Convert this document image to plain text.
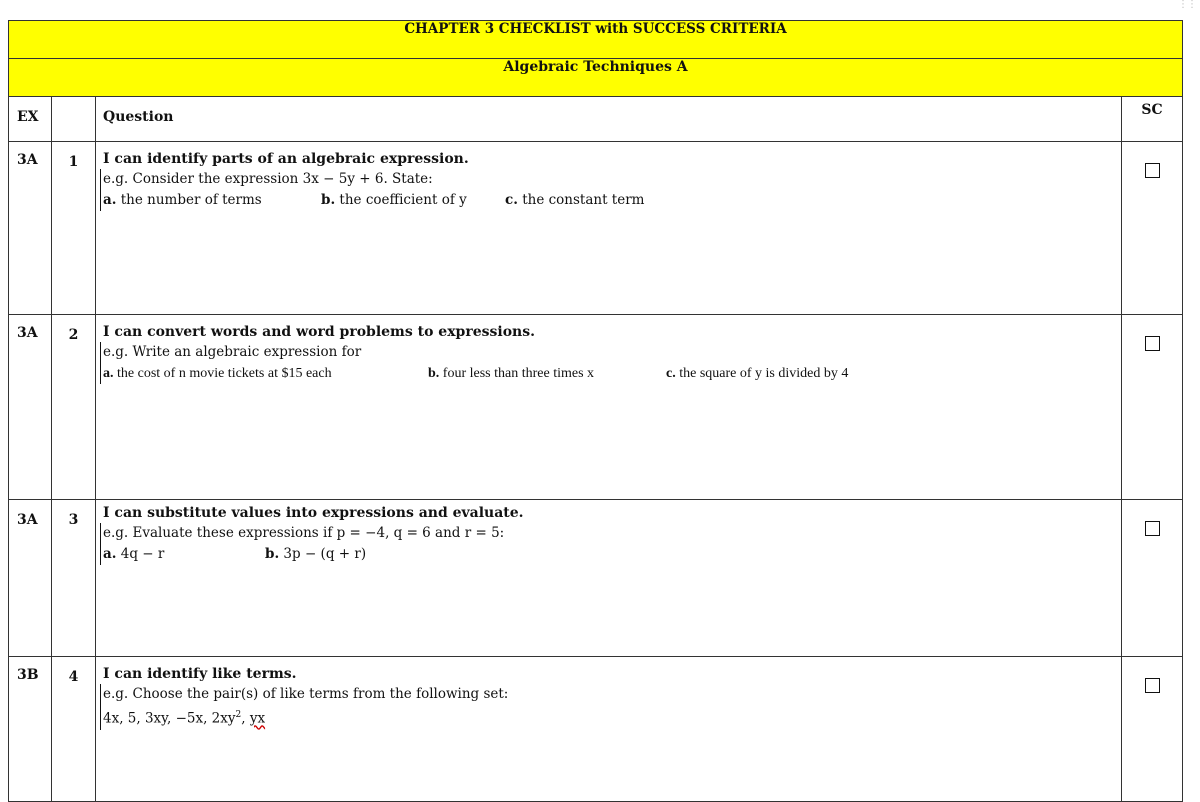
⋮⋮
CHAPTER 3 CHECKLIST with SUCCESS CRITERIA			
Algebraic Techniques A			
EX		Question	SC
3A	1	I can identify parts of an algebraic expression.
e.g. Consider the expression 3x − 5y + 6. State:
a. the number of terms b. the coefficient of y c. the constant term	

3A	2	I can convert words and word problems to expressions.
e.g. Write an algebraic expression for
a. the cost of n movie tickets at $15 each b. four less than three times x c. the square of y is divided by 4	

3A	3	I can substitute values into expressions and evaluate.
e.g. Evaluate these expressions if p = −4, q = 6 and r = 5:
a. 4q − r b. 3p − (q + r)	

3B	4	I can identify like terms.
e.g. Choose the pair(s) of like terms from the following set:
4x, 5, 3xy, −5x, $2xy^2$, yx	
